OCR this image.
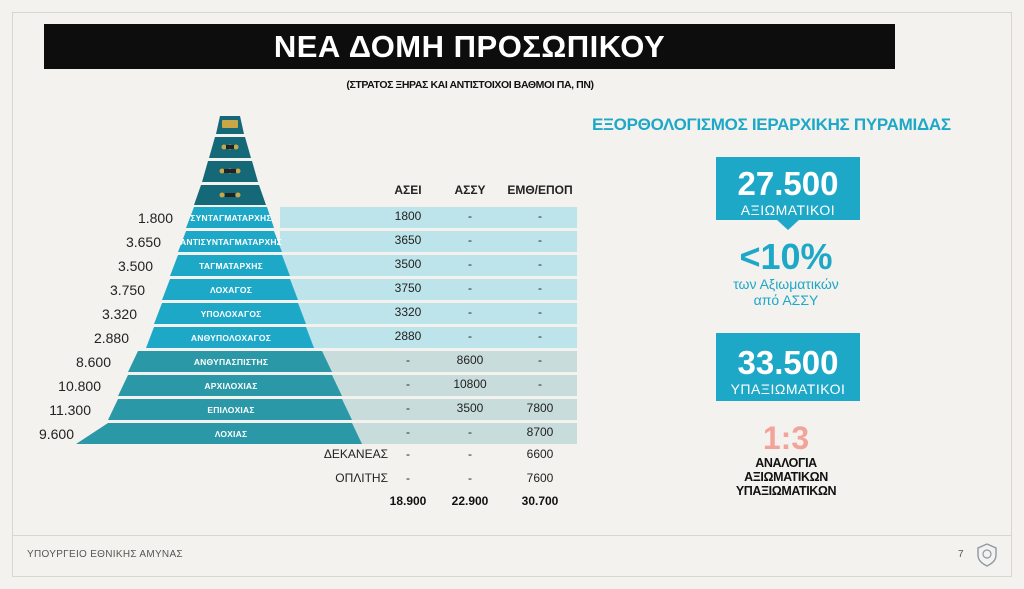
ΝΕΑ ΔΟΜΗ ΠΡΟΣΩΠΙΚΟΥ
(ΣΤΡΑΤΟΣ ΞΗΡΑΣ ΚΑΙ ΑΝΤΙΣΤΟΙΧΟΙ ΒΑΘΜΟΙ ΠΑ, ΠΝ)
ΑΣΕΙ	ΑΣΣΥ	ΕΜΘ/ΕΠΟΠ
1.800	ΣΥΝΤΑΓΜΑΤΑΡΧΗΣ	1800	-	-
3.650	ΑΝΤΙΣΥΝΤΑΓΜΑΤΑΡΧΗΣ	3650	-	-
3.500	ΤΑΓΜΑΤΑΡΧΗΣ	3500	-	-
3.750	ΛΟΧΑΓΟΣ	3750	-	-
3.320	ΥΠΟΛΟΧΑΓΟΣ	3320	-	-
2.880	ΑΝΘΥΠΟΛΟΧΑΓΟΣ	2880	-	-
8.600	ΑΝΘΥΠΑΣΠΙΣΤΗΣ	-	8600	-
10.800	ΑΡΧΙΛΟΧΙΑΣ	-	10800	-
11.300	ΕΠΙΛΟΧΙΑΣ	-	3500	7800
9.600	ΛΟΧΙΑΣ	-	-	8700
ΔΕΚΑΝΕΑΣ	-	-	6600
ΟΠΛΙΤΗΣ	-	-	7600
18.900	22.900	30.700
ΕΞΟΡΘΟΛΟΓΙΣΜΟΣ ΙΕΡΑΡΧΙΚΗΣ ΠΥΡΑΜΙΔΑΣ
27.500
ΑΞΙΩΜΑΤΙΚΟΙ
<10%
των Αξιωματικών
από ΑΣΣΥ
33.500
ΥΠΑΞΙΩΜΑΤΙΚΟΙ
1:3
ΑΝΑΛΟΓΙΑ
ΑΞΙΩΜΑΤΙΚΩΝ
ΥΠΑΞΙΩΜΑΤΙΚΩΝ
ΥΠΟΥΡΓΕΙΟ ΕΘΝΙΚΗΣ ΑΜΥΝΑΣ	7
